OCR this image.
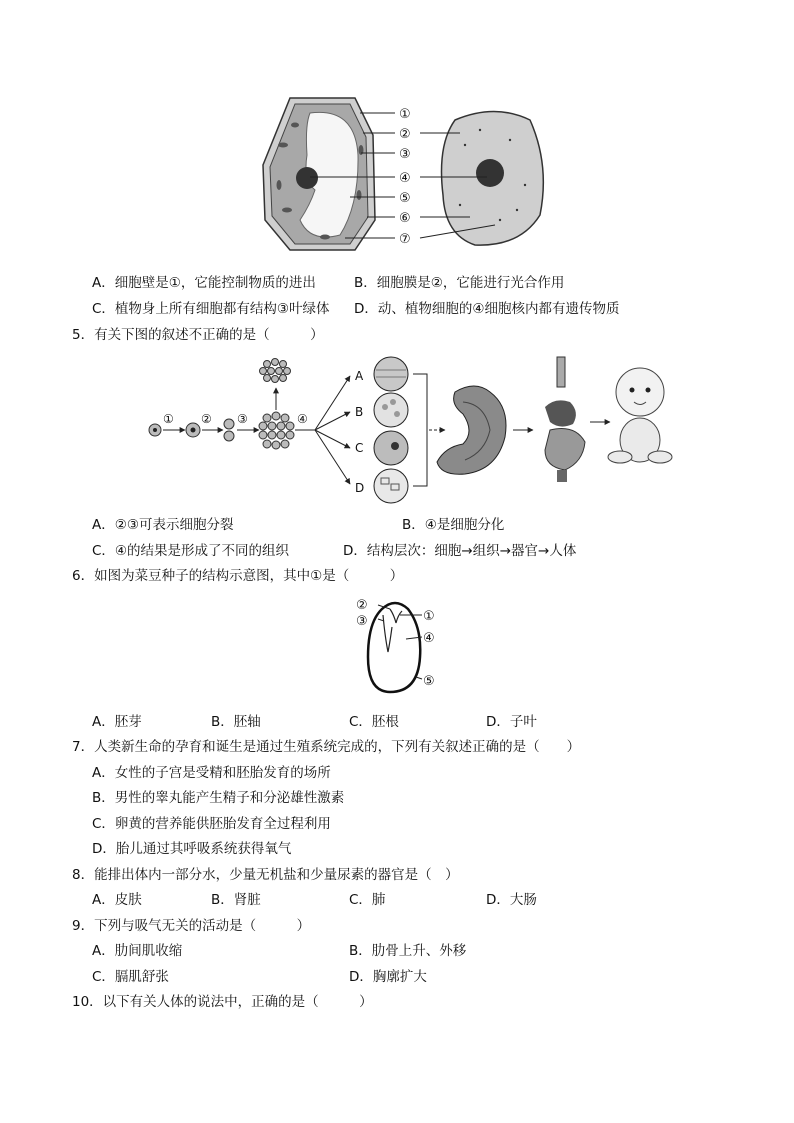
①
②
③
④
⑤
⑥
⑦
A．细胞壁是①，它能控制物质的进出	B．细胞膜是②，它能进行光合作用
C．植物身上所有细胞都有结构③叶绿体 D．动、植物细胞的④细胞核内都有遗传物质
5．有关下图的叙述不正确的是（　　　）
① ② ③	④
A
B
C
D
A．②③可表示细胞分裂	B．④是细胞分化
C．④的结果是形成了不同的组织	D．结构层次：细胞→组织→器官→人体
6．如图为菜豆种子的结构示意图，其中①是（　　　）
①
②
③
④
⑤
A．胚芽	B．胚轴	C．胚根	D．子叶
7．人类新生命的孕育和诞生是通过生殖系统完成的，下列有关叙述正确的是（　　）
A．女性的子宫是受精和胚胎发育的场所
B．男性的睾丸能产生精子和分泌雄性激素
C．卵黄的营养能供胚胎发育全过程利用
D．胎儿通过其呼吸系统获得氧气
8．能排出体内一部分水，少量无机盐和少量尿素的器官是（　）
A．皮肤	B．肾脏	C．肺	D．大肠
9．下列与吸气无关的活动是（　　　）
A．肋间肌收缩	B．肋骨上升、外移
C．膈肌舒张	D．胸廓扩大
10．以下有关人体的说法中，正确的是（　　　）
